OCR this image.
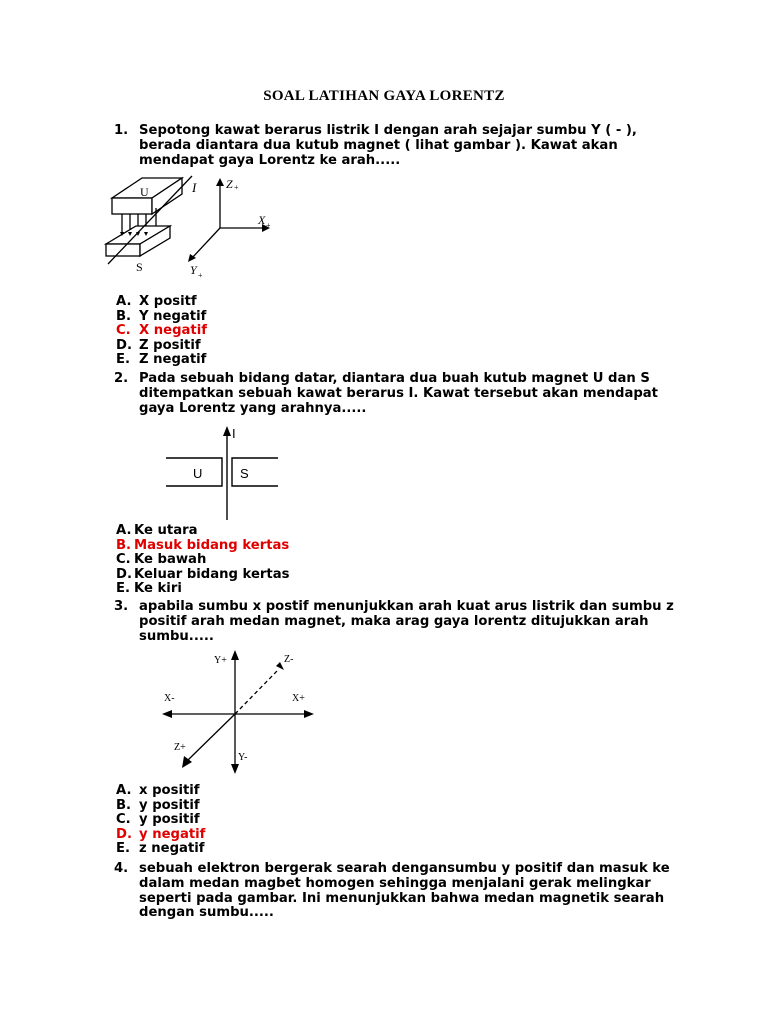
SOAL LATIHAN GAYA LORENTZ
1. Sepotong kawat berarus listrik I dengan arah sejajar sumbu Y ( - ), berada diantara dua kutub magnet ( lihat gambar ). Kawat akan mendapat gaya Lorentz ke arah.....
U
S
I Z +
X +
Y +
A. X positf
B. Y negatif
C. X negatif
D. Z positif
E. Z negatif
2. Pada sebuah bidang datar, diantara dua buah kutub magnet U dan S ditempatkan sebuah kawat berarus I. Kawat tersebut akan mendapat gaya Lorentz yang arahnya.....
I
U	S
A. Ke utara
B. Masuk bidang kertas
C. Ke bawah
D. Keluar bidang kertas
E. Ke kiri
3. apabila sumbu x postif menunjukkan arah kuat arus listrik dan sumbu z positif arah medan magnet, maka arag gaya lorentz ditujukkan arah sumbu.....
Y+
Y-
X-	X+
Z+
Z-
A. x positif
B. y positif
C. y positif
D. y negatif
E. z negatif
4. sebuah elektron bergerak searah dengansumbu y positif dan masuk ke dalam medan magbet homogen sehingga menjalani gerak melingkar seperti pada gambar. Ini menunjukkan bahwa medan magnetik searah dengan sumbu.....
